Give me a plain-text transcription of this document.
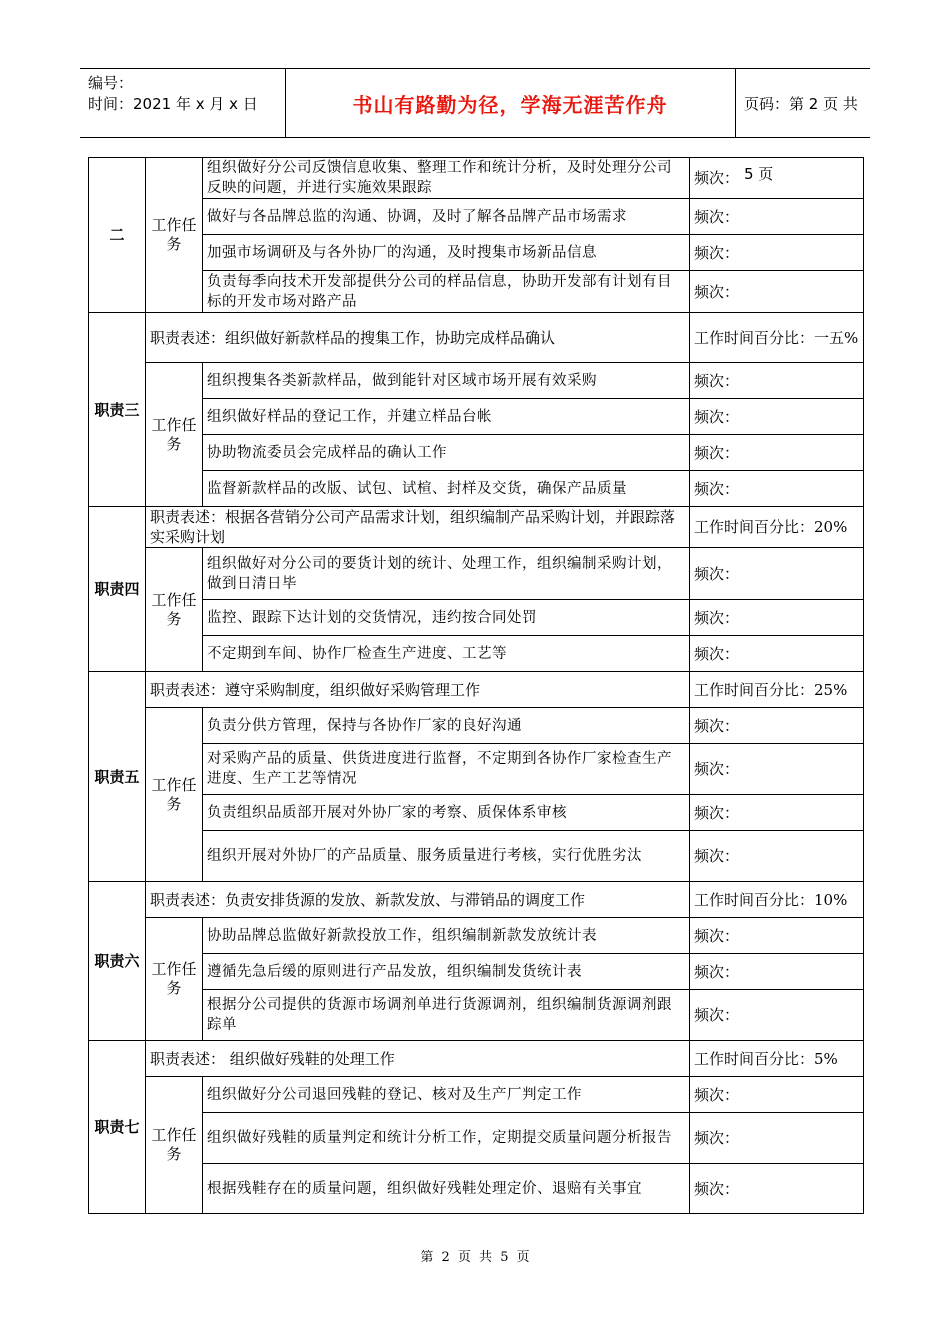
编号：
时间：2021 年 x 月 x 日	书山有路勤为径，学海无涯苦作舟	页码：第 2 页 共 5 页
二	工作任务	组织做好分公司反馈信息收集、整理工作和统计分析，及时处理分公司反映的问题，并进行实施效果跟踪	频次：
		做好与各品牌总监的沟通、协调，及时了解各品牌产品市场需求	频次：
		加强市场调研及与各外协厂的沟通，及时搜集市场新品信息	频次：
		负责每季向技术开发部提供分公司的样品信息，协助开发部有计划有目标的开发市场对路产品	频次：
职责三	职责表述：组织做好新款样品的搜集工作，协助完成样品确认		工作时间百分比：一五%
	工作任务	组织搜集各类新款样品，做到能针对区域市场开展有效采购	频次：
		组织做好样品的登记工作，并建立样品台帐	频次：
		协助物流委员会完成样品的确认工作	频次：
		监督新款样品的改版、试包、试楦、封样及交货，确保产品质量	频次：
职责四	职责表述：根据各营销分公司产品需求计划，组织编制产品采购计划，并跟踪落实采购计划		工作时间百分比：20%
	工作任务	组织做好对分公司的要货计划的统计、处理工作，组织编制采购计划，做到日清日毕	频次：
		监控、跟踪下达计划的交货情况，违约按合同处罚	频次：
		不定期到车间、协作厂检查生产进度、工艺等	频次：
职责五	职责表述：遵守采购制度，组织做好采购管理工作		工作时间百分比：25%
	工作任务	负责分供方管理，保持与各协作厂家的良好沟通	频次：
		对采购产品的质量、供货进度进行监督，不定期到各协作厂家检查生产进度、生产工艺等情况	频次：
		负责组织品质部开展对外协厂家的考察、质保体系审核	频次：
		组织开展对外协厂的产品质量、服务质量进行考核，实行优胜劣汰	频次：
职责六	职责表述：负责安排货源的发放、新款发放、与滞销品的调度工作		工作时间百分比：10%
	工作任务	协助品牌总监做好新款投放工作，组织编制新款发放统计表	频次：
		遵循先急后缓的原则进行产品发放，组织编制发货统计表	频次：
		根据分公司提供的货源市场调剂单进行货源调剂，组织编制货源调剂跟踪单	频次：
职责七	职责表述： 组织做好残鞋的处理工作		工作时间百分比：5%
	工作任务	组织做好分公司退回残鞋的登记、核对及生产厂判定工作	频次：
		组织做好残鞋的质量判定和统计分析工作，定期提交质量问题分析报告	频次：
		根据残鞋存在的质量问题，组织做好残鞋处理定价、退赔有关事宜	频次：
第 2 页 共 5 页
